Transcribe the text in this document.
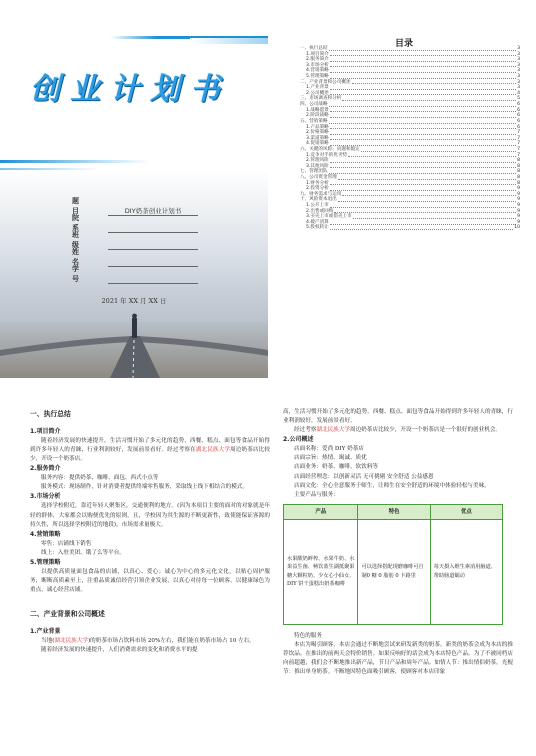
创业计划书
题 目	DIY奶茶创业计划书
院 系
班 级
姓 名
学 号
2021 年 XX 月 XX 日
目录
一、执行总结	3
1.项目简介	3
2.服务简介	3
3.市场分析	3
4.营销策略	3
5.管理策略	3
二、产业背景和公司概述	3
1.产业背景	3
2.公司概述	4
三、市场调查和分析	5
四、公司战略	6
1.战略愿景	6
2.阶段战略	6
五、营销策略	6
1.产品策略	6
2.价格策略	7
3.渠道策略	7
4.促销策略	7
六、关键的风险、问题和假定	7
1.竞争对手的优劣势	7
2.管理风险	8
3.其他风险	8
七、管理团队	8
八、公司资金管理	8
1.财务分析	8
2.投资分析	9
九、财务需求与运用	9
十、风险资本退出	9
1.公开上市	9
2.出售或回购	9
3.买壳上市或借壳上市	9
4.破产清算	9
5.股权转让	10

一、执行总结

1.项目简介

随着经济发展的快速提升，生活习惯开始了多元化的趋势，西餐、糕点、面包等食品开始得到许多年轻人的青睐，行业利润较好，发展前景看好。经过考察在湖北民族大学周边奶茶店比较少，开设一个奶茶店。

2.服务简介

服务内容：提供奶茶、咖啡、面包、西式小点等

服务模式：现场制作，针对消费者提供终端零售服务，采取线上线下相结合的模式。

3.市场分析

选择学校附近，靠近年轻人聚集区，交通便利的地方。(因为本项目主要的面对的对象就是年轻的群体，大家都会以购便优先的原则，且，学校因为其生源的不断更新性，致使能保证客源的持久性，所以选择学校附近的地段)，市场需求量极大。

4.营销策略

零售：店铺线下销售

线上：入驻美团、饿了么等平台。

5.管理策略

以提供高质量面包食品的店铺，以真心、爱心；诚心为中心的多元化文化，以贴心周护服务，断断高质素至上，注重品质诚信经营引领企业发展，以真心对待每一位顾客，以健康绿色为重点，诚心经营店铺。

二、产业背景和公司概述

1.产业背景

当地(湖北民族大学)的奶茶市场占饮料市场 20%左右，我们能在奶茶市场占 10 左右。

随着经济发展的快速提升，人们消费需求的变化和消费水平的提

高，生活习惯开始了多元化的趋势，西餐、糕点、面包等食品开始得到许多年轻人的青睐，行业利润较好，发展前景看好。

经过考察湖北民族大学周边奶茶店比较少，开设一个奶茶店是一个很好的创业机会。

2.公司概述

店面名称：爱尚 DIY 奶茶店

店面宗旨：热情、竭诚、质优

店面业务：奶茶、咖啡、软饮料等

店面经营理念：以创新灵活 无可挑剔 安全舒适 公益感恩

店面文化：全心全意服务于师生，让师生在安全舒适的环境中体验轻松与美味。

主要产品与服务：

产品	特色	优点
水果酸奶鲜榨、水果牛奶、水果益生菌、畅饮蓝生湖抵聚果糖大颗粒奶、少女心小仙女、DIY 饼干蛋糕出奶茶咖啡	可以选择搭配现磨咖啡可自制0 糖 0 脂肪 0 卡路里	每天摄入维生素消用脑道、帮助肠道蠕动

特色的服务

本店为喝引顾客，本店会通过不断地尝试来研发新类的奶茶。新类的奶茶会成为本店的推荐饮品。在推出的前两天会特价销售。如果反响好的话会成为本店特色产品。为了不被同档店向前超越，我们会不断地推出新产品，节日产品和周年产品。如情人节：推出情侣奶茶。光棍节：推出单身奶茶。不断地因特色面吸引顾客，使顾客对本店印象
